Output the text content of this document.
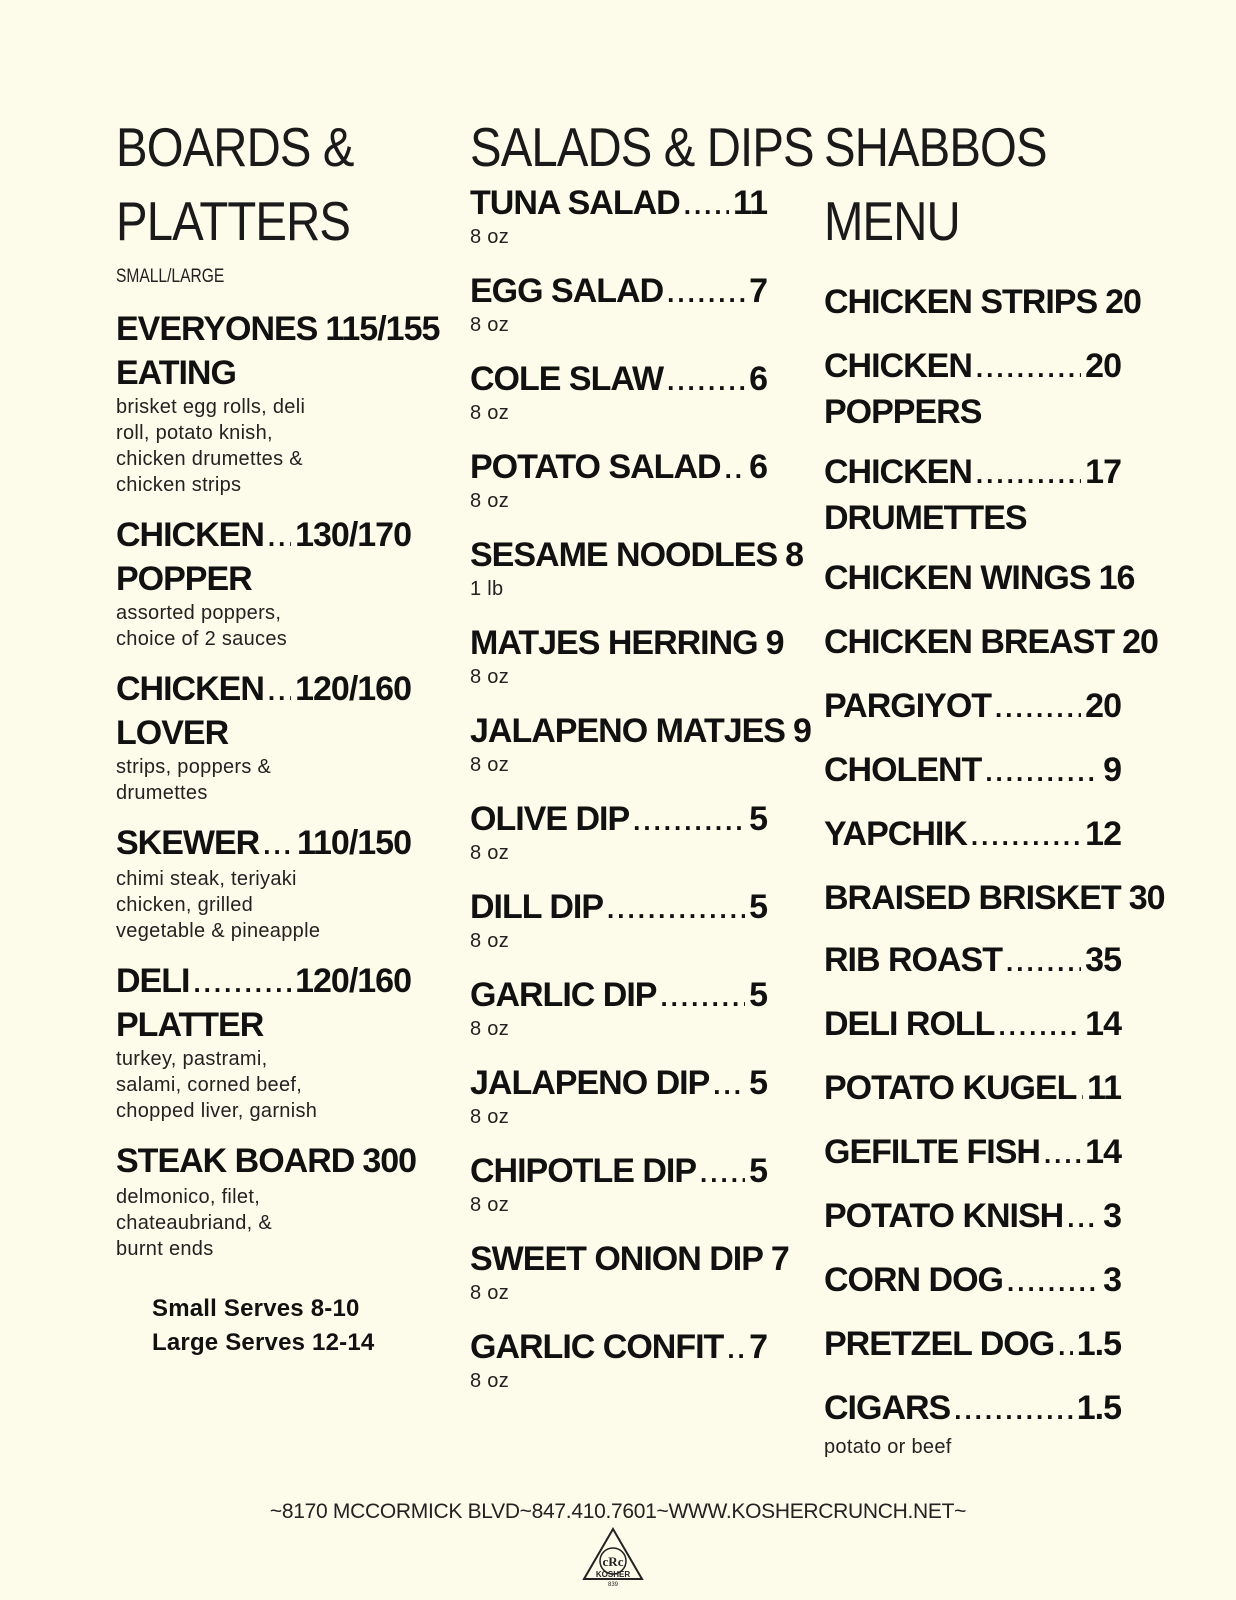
BOARDS &
PLATTERS
SMALL/LARGE
EVERYONES 115/155
EATING
brisket egg rolls, deli
roll, potato knish,
chicken drumettes &
chicken strips
CHICKEN ..... 130/170
POPPER
assorted poppers,
choice of 2 sauces
CHICKEN ..... 120/160
LOVER
strips, poppers &
drumettes
SKEWER ..... 110/150
chimi steak, teriyaki
chicken, grilled
vegetable & pineapple
DELI .....	120/160
PLATTER
turkey, pastrami,
salami, corned beef,
chopped liver, garnish
STEAK BOARD 300
delmonico, filet,
chateaubriand, &
burnt ends
Small Serves 8-10
Large Serves 12-14
SALADS & DIPS
TUNA SALAD ..... 11
8 oz
EGG SALAD .....	7
8 oz
COLE SLAW .....	6
8 oz
POTATO SALAD ..... 6
8 oz
SESAME NOODLES 8
1 lb
MATJES HERRING 9
8 oz
JALAPENO MATJES 9
8 oz
OLIVE DIP .....	5
8 oz
DILL DIP .....	5
8 oz
GARLIC DIP .....	5
8 oz
JALAPENO DIP ..... 5
8 oz
CHIPOTLE DIP ..... 5
8 oz
SWEET ONION DIP 7
8 oz
GARLIC CONFIT ..... 7
8 oz
SHABBOS
MENU
CHICKEN STRIPS 20
CHICKEN .....	20
POPPERS
CHICKEN .....	17
DRUMETTES
CHICKEN WINGS 16
CHICKEN BREAST 20
PARGIYOT .....	20
CHOLENT .....	9
YAPCHIK .....	12
BRAISED BRISKET 30
RIB ROAST ..... 35
DELI ROLL .....	14
POTATO KUGEL ..... 11
GEFILTE FISH ..... 14
POTATO KNISH ..... 3
CORN DOG .....	3
PRETZEL DOG ..... 1.5
CIGARS .....	1.5
potato or beef
~8170 MCCORMICK BLVD~847.410.7601~WWW.KOSHERCRUNCH.NET~
cRc
KOSHER
839
